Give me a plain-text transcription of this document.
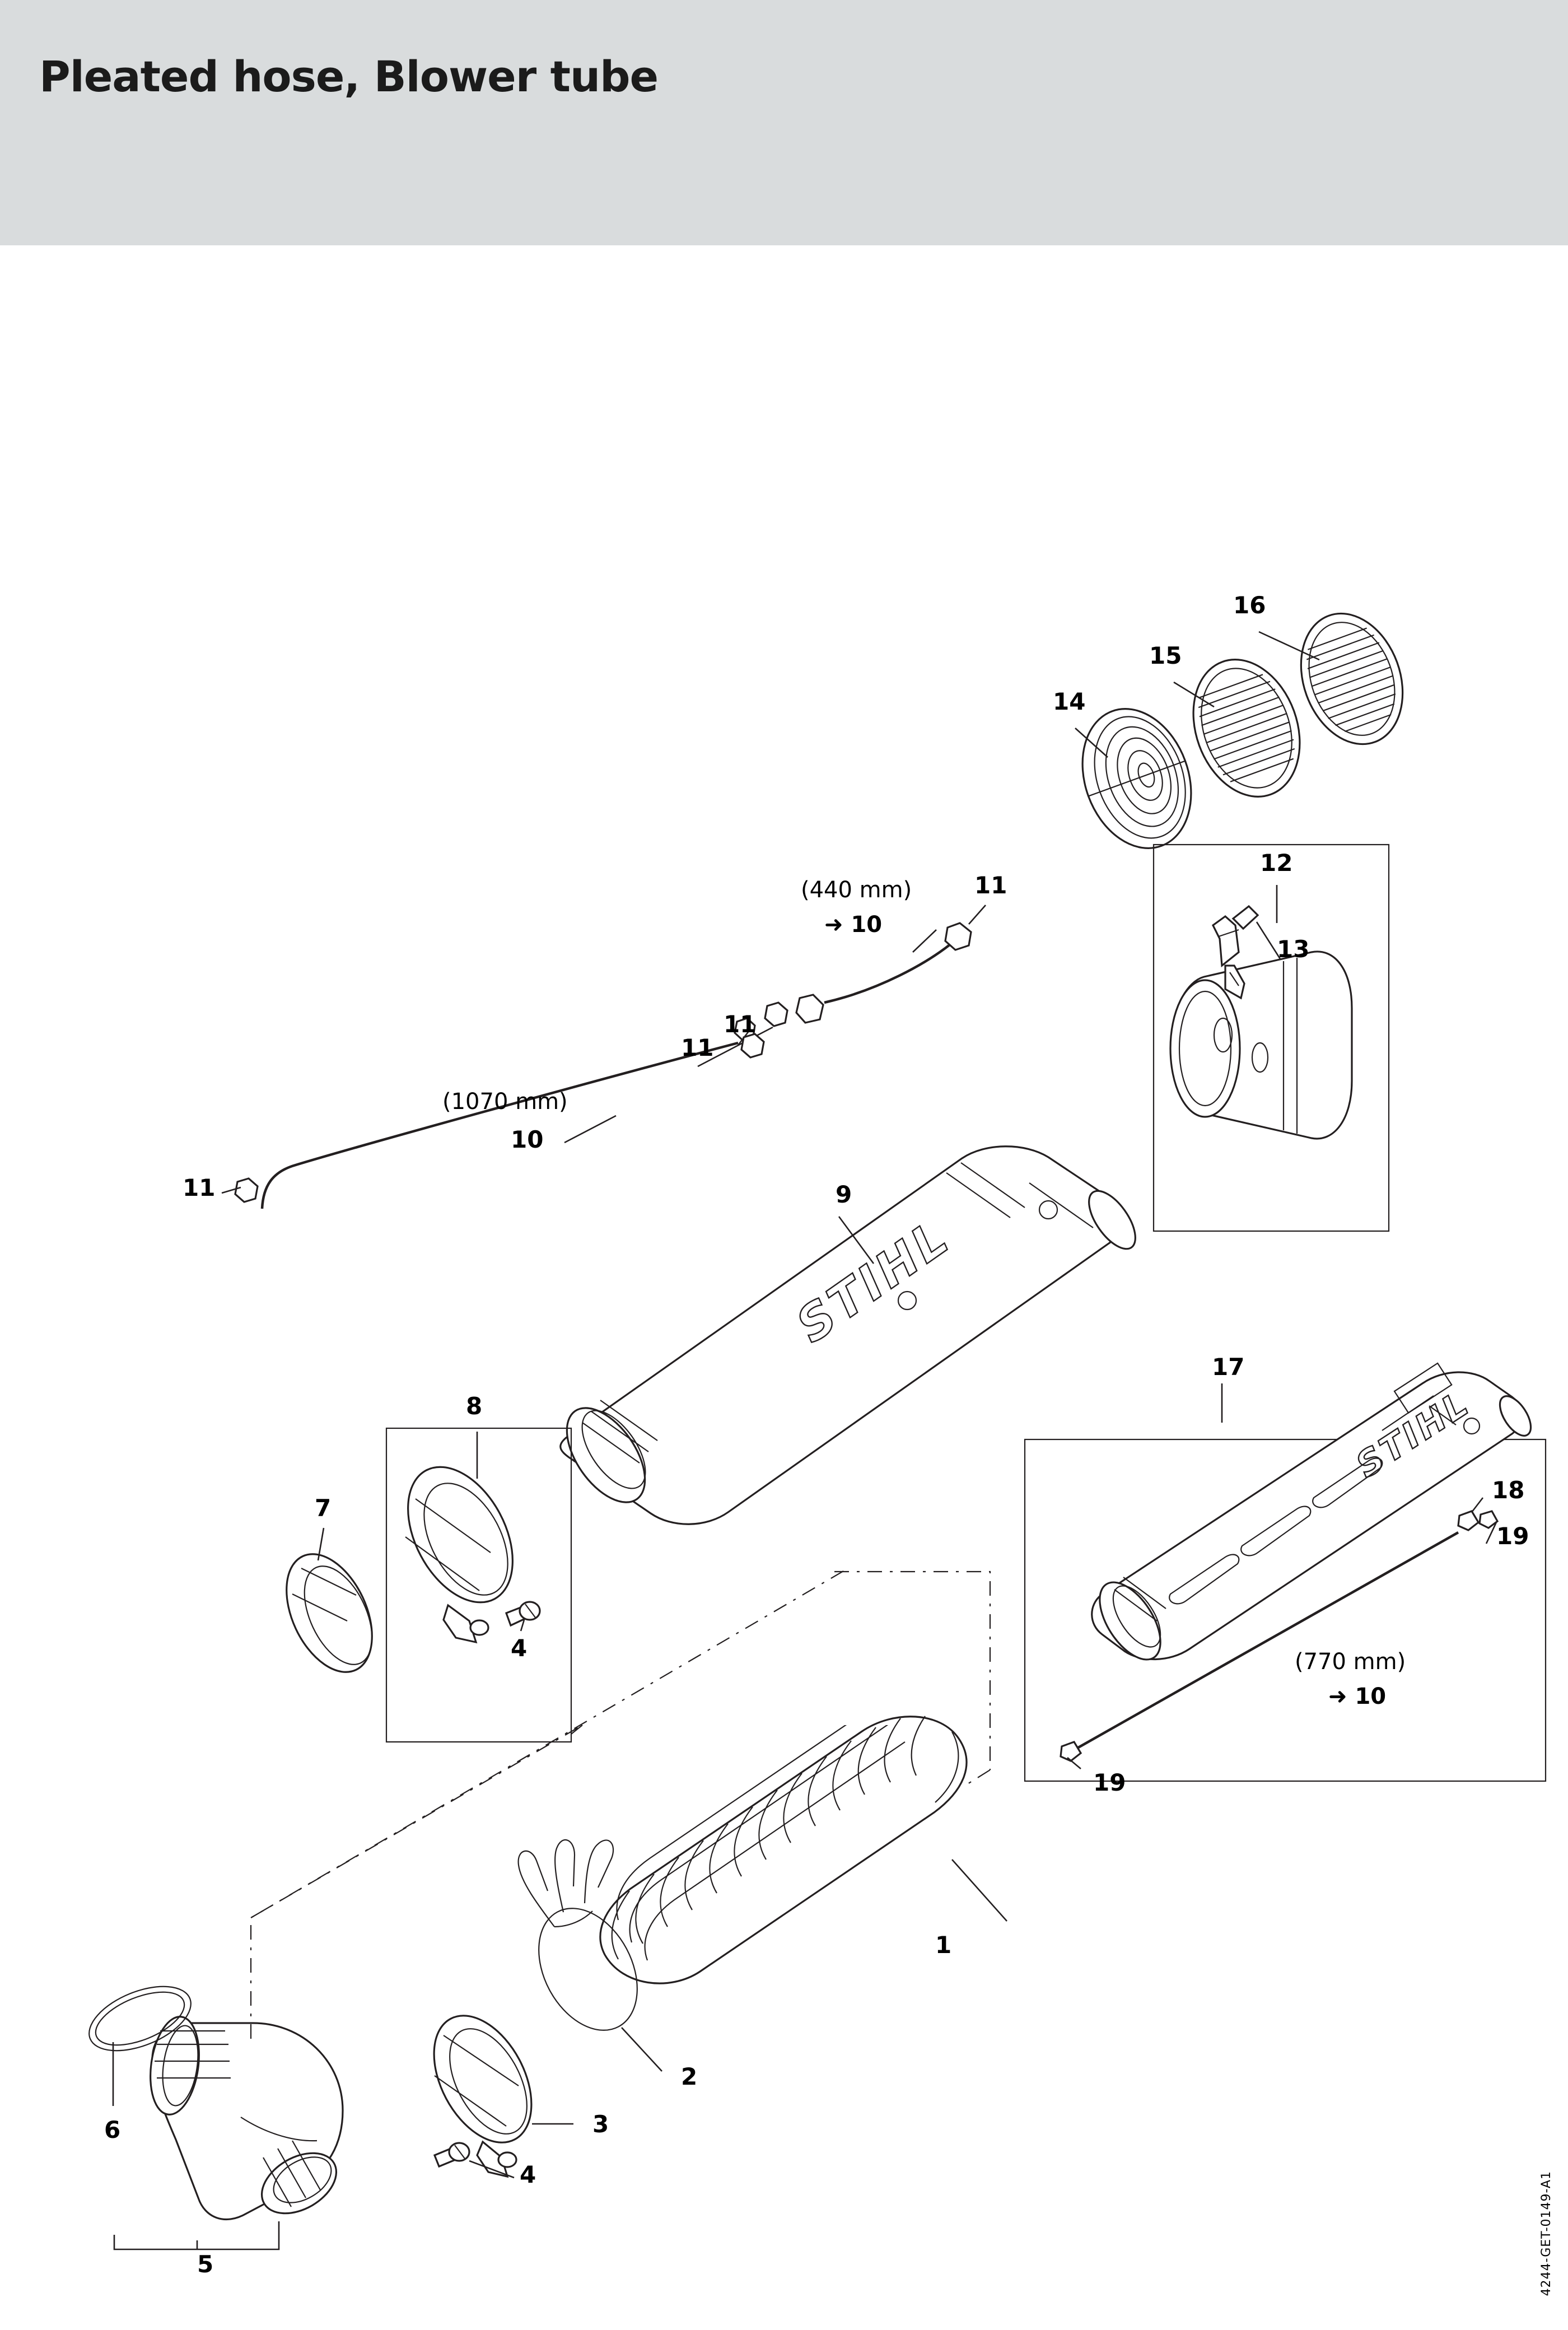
Pleated hose, Blower tube
STIHL
STIHL
1
2
3
4
5
6
7
8
4
9
10
11
11
11
11
12
13
14
15
16
17
18
19
19
(440 mm)
➜ 10
(1070 mm)
(770 mm)
➜ 10
4244-GET-0149-A1
